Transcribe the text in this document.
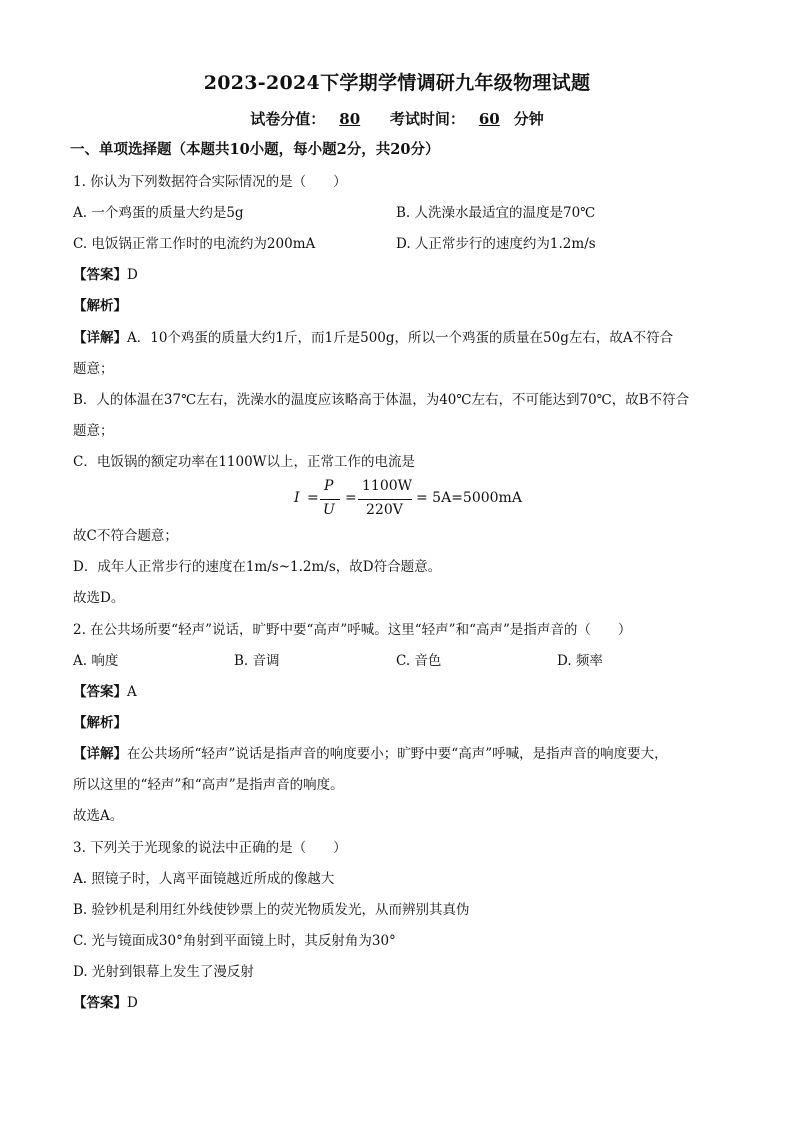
2023-2024下学期学情调研九年级物理试题
试卷分值： 80 考试时间： 60 分钟
一、单项选择题（本题共10小题，每小题2分，共20分）
1. 你认为下列数据符合实际情况的是（　　）
A. 一个鸡蛋的质量大约是5g	B. 人洗澡水最适宜的温度是70℃
C. 电饭锅正常工作时的电流约为200mA	D. 人正常步行的速度约为1.2m/s
【答案】D
【解析】
【详解】A．10个鸡蛋的质量大约1斤，而1斤是500g，所以一个鸡蛋的质量在50g左右，故A不符合
题意；
B．人的体温在37℃左右，洗澡水的温度应该略高于体温，为40℃左右，不可能达到70℃，故B不符合
题意；
C．电饭锅的额定功率在1100W以上，正常工作的电流是
I =
P
U
=
1100W
220V
= 5A=5000mA
故C不符合题意；
D．成年人正常步行的速度在1m/s~1.2m/s，故D符合题意。
故选D。
2. 在公共场所要“轻声”说话，旷野中要“高声”呼喊。这里“轻声”和“高声”是指声音的（　　）
A. 响度	B. 音调	C. 音色	D. 频率
【答案】A
【解析】
【详解】在公共场所“轻声”说话是指声音的响度要小；旷野中要“高声”呼喊，是指声音的响度要大，
所以这里的“轻声”和“高声”是指声音的响度。
故选A。
3. 下列关于光现象的说法中正确的是（　　）
A. 照镜子时，人离平面镜越近所成的像越大
B. 验钞机是利用红外线使钞票上的荧光物质发光，从而辨别其真伪
C. 光与镜面成30°角射到平面镜上时，其反射角为30°
D. 光射到银幕上发生了漫反射
【答案】D
